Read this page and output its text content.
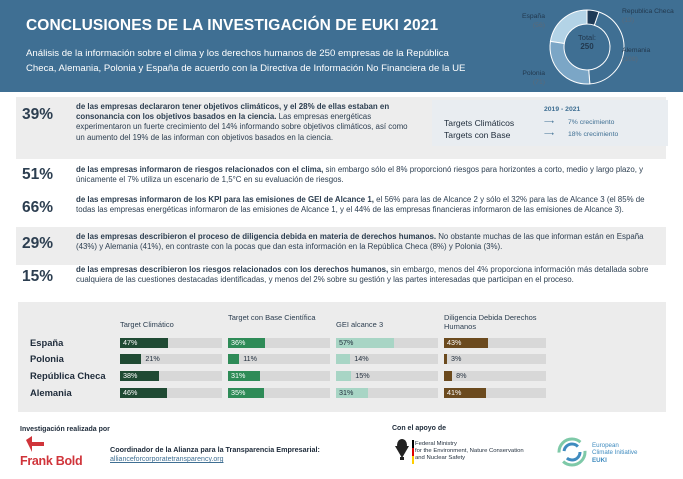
CONCLUSIONES DE LA INVESTIGACIÓN DE EUKI 2021

Análisis de la información sobre el clima y los derechos humanos de 250 empresas de la República Checa, Alemania, Polonia y España de acuerdo con la Directiva de Información No Financiera de la UE

Total:
250
España
(56)
Republica Checa
(13)
Alemania
(108)
Polonia
(71)
39%	de las empresas declararon tener objetivos climáticos, y el 28% de ellas estaban en consonancia con los objetivos basados en la ciencia. Las empresas energéticas experimentaron un fuerte crecimiento del 14% informando sobre objetivos climáticos, así como un aumento del 19% de las informan con objetivos basados en la ciencia.
51%	de las empresas informaron de riesgos relacionados con el clima, sin embargo sólo el 8% proporcionó riesgos para horizontes a corto, medio y largo plazo, y únicamente el 7% utiliza un escenario de 1,5°C en su evaluación de riesgos.
66%	de las empresas informaron de los KPI para las emisiones de GEI de Alcance 1, el 56% para las de Alcance 2 y sólo el 32% para las de Alcance 3 (el 85% de todas las empresas energéticas informaron de las emisiones de Alcance 1, y el 44% de las empresas financieras informaron de las emisiones de Alcance 3).
29%	de las empresas describieron el proceso de diligencia debida en materia de derechos humanos. No obstante muchas de las que informan están en España (43%) y Alemania (41%), en contraste con la pocas que dan esta información en la República Checa (8%) y Polonia (3%).
15%	de las empresas describieron los riesgos relacionados con los derechos humanos, sin embargo, menos del 4% proporciona información más detallada sobre cualquiera de las cuestiones destacadas identificadas, y menos del 2% sobre su gestión y las partes interesadas que participan en el proceso.
2019 - 2021
Targets Climáticos	⟶ 7% crecimiento
Targets con Base	⟶ 18% crecimiento
Target Climático
Target con Base Científica
GEI alcance 3
Diligencia Debida Derechos Humanos
España	47%	36%	57%	43%
Polonia	21%	11%	14%	3%
República Checa 38%	31%	15%	8%
Alemania	46%	35%	31%	41%
Investigación realizada por
Frank Bold
Coordinador de la Alianza para la Transparencia Empresarial:
allianceforcorporatetransparency.org
Con el apoyo de
Federal Ministry
for the Environment, Nature Conservation
and Nuclear Safety
European
Climate Initiative
EUKI
